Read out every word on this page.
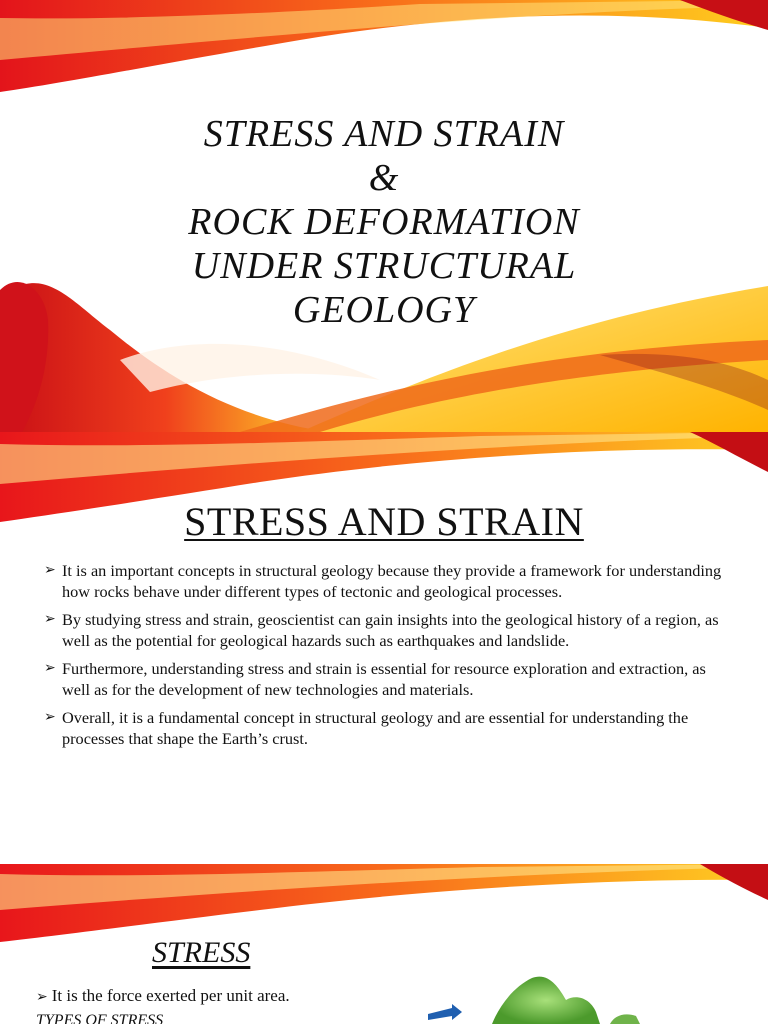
STRESS AND STRAIN
&
ROCK DEFORMATION
UNDER STRUCTURAL
GEOLOGY
STRESS AND STRAIN
➢ It is an important concepts in structural geology because they provide a framework for understanding how rocks behave under different types of tectonic and geological processes.
➢ By studying stress and strain, geoscientist can gain insights into the geological history of a region, as well as the potential for geological hazards such as earthquakes and landslide.
➢ Furthermore, understanding stress and strain is essential for resource exploration and extraction, as well as for the development of new technologies and materials.
➢ Overall, it is a fundamental concept in structural geology and are essential for understanding the processes that shape the Earth’s crust.
STRESS
➢ It is the force exerted per unit area.
TYPES OF STRESS
